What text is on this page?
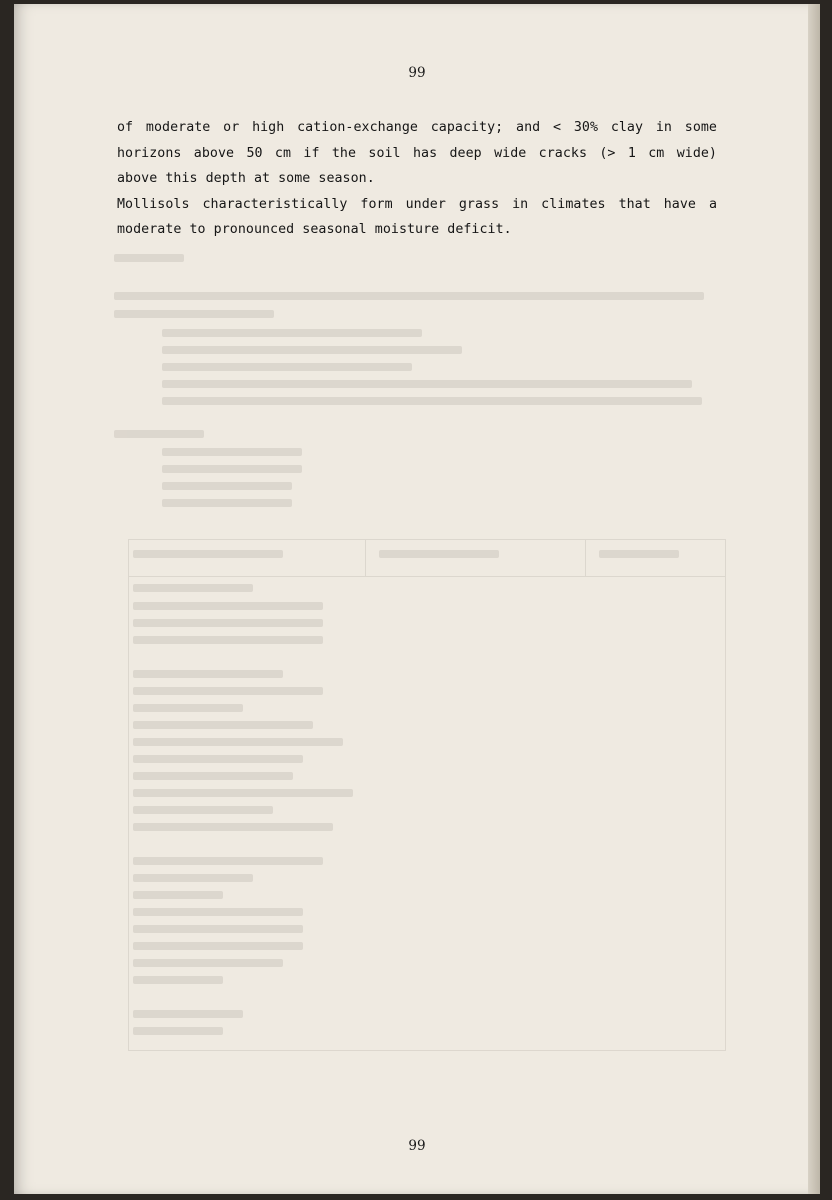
99

of moderate or high cation-exchange capacity; and < 30% clay in some

horizons above 50 cm if the soil has deep wide cracks (> 1 cm wide)

above this depth at some season.

Mollisols characteristically form under grass in climates that have a

moderate to pronounced seasonal moisture deficit.

99
